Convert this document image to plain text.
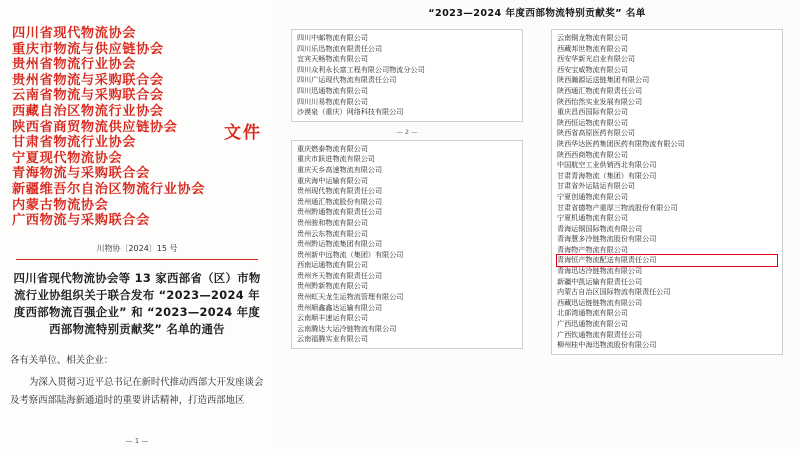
四川省现代物流协会
重庆市物流与供应链协会
贵州省物流行业协会
贵州省物流与采购联合会
云南省物流与采购联合会
西藏自治区物流行业协会
陕西省商贸物流供应链协会
甘肃省物流行业协会
宁夏现代物流协会
青海物流与采购联合会
新疆维吾尔自治区物流行业协会
内蒙古物流协会
广西物流与采购联合会
文件
川物协〔2024〕15 号
四川省现代物流协会等 13 家西部省（区）市物流行业协组织关于联合发布 “2023—2024 年度西部物流百强企业” 和 “2023—2024 年度西部物流特别贡献奖” 名单的通告

各有关单位、相关企业：

为深入贯彻习近平总书记在新时代推动西部大开发座谈会及考察西部陆海新通道时的重要讲话精神，打造西部地区

— 1 —
“2023—2024 年度西部物流特别贡献奖” 名单
四川中邮物流有限公司
四川乐迅物流有限责任公司
宜宾天畅物流有限公司
四川众利永长富工程有限公司物流分公司
四川广运现代物流有限责任公司
四川迅通物流有限公司
四川川易物流有限公司
沙漠泉（重庆）网络科技有限公司
— 2 —
重庆燃泰物流有限公司
重庆市跃进物流有限公司
重庆天乡高速物流有限公司
重庆海中运输有限公司
贵州现代物流有限责任公司
贵州通汇物流股份有限公司
贵州黔通物流有限责任公司
贵州骏和物流有限公司
贵州云东物流有限公司
贵州黔运物流集团有限公司
贵州新中远物流（集团）有限公司
西南运通物流有限公司
贵州齐天物流有限责任公司
贵州黔新物流有限公司
贵州虹天龙生运物流管理有限公司
贵州顺鑫鑫达运输有限公司
云南顺丰速运有限公司
云南腾达大运冷链物流有限公司
云南福腾实业有限公司
云南铜龙物流有限公司
西藏邦世物流有限公司
西安华新光启业有限公司
西安宝威物流有限公司
陕西瀚源运送链集团有限公司
陕西通汇物流有限责任公司
陕西怡然实业发展有限公司
重庆昌西国际有限公司
陕西恒运物流有限公司
陕西省高原医药有限公司
陕西华达医药集团医药有限物流有限公司
陕西西商物流有限公司
中国航空工业供销西北有限公司
甘肃青海物流（集团）有限公司
甘肃省外运陆运有限公司
宁夏创通物流有限公司
甘肃省德物产重厚三物流股份有限公司
宁夏机通物流有限公司
青海运铜国际物流有限公司
青海慧多冷链物流股份有限公司
青海物产物流有限公司
青海恒产物流配送有限责任公司
青海迅达冷链物流有限公司
新疆中凯运输有限责任公司
内蒙古自治区国际物流有限责任公司
西藏迅运链链物流有限公司
北部湾通物流有限公司
广西迅通物流有限公司
广西钦通物流有限责任公司
柳州桂中海迅物流股份有限公司
